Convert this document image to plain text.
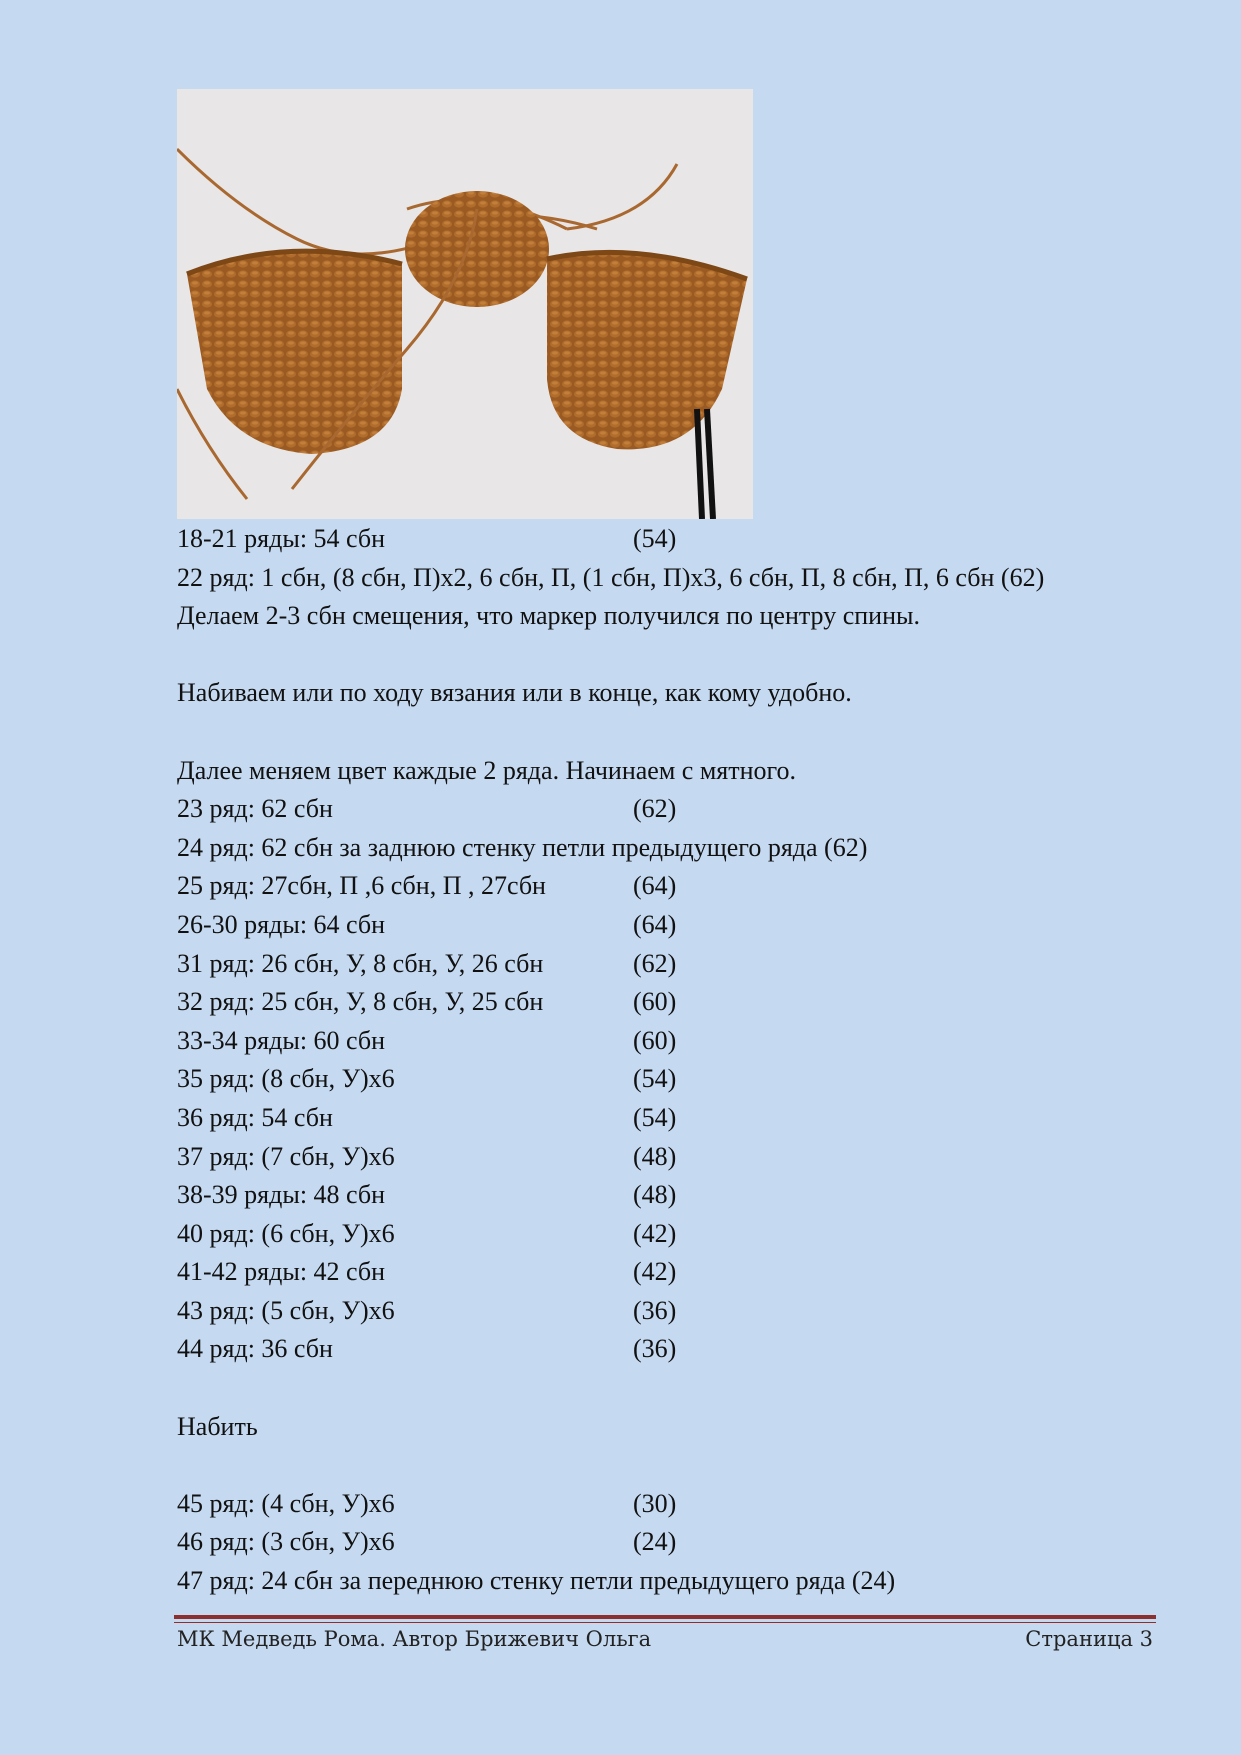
18-21 ряды: 54 сбн	(54)
22 ряд: 1 сбн, (8 сбн, П)х2, 6 сбн, П, (1 сбн, П)х3, 6 сбн, П, 8 сбн, П, 6 сбн (62)
Делаем 2-3 сбн смещения, что маркер получился по центру спины.
Набиваем или по ходу вязания или в конце, как кому удобно.
Далее меняем цвет каждые 2 ряда. Начинаем с мятного.
23 ряд: 62 сбн	(62)
24 ряд: 62 сбн за заднюю стенку петли предыдущего ряда (62)
25 ряд: 27сбн, П ,6 сбн, П , 27сбн	(64)
26-30 ряды: 64 сбн	(64)
31 ряд: 26 сбн, У, 8 сбн, У, 26 сбн	(62)
32 ряд: 25 сбн, У, 8 сбн, У, 25 сбн	(60)
33-34 ряды: 60 сбн	(60)
35 ряд: (8 сбн, У)х6	(54)
36 ряд: 54 сбн	(54)
37 ряд: (7 сбн, У)х6	(48)
38-39 ряды: 48 сбн	(48)
40 ряд: (6 сбн, У)х6	(42)
41-42 ряды: 42 сбн	(42)
43 ряд: (5 сбн, У)х6	(36)
44 ряд: 36 сбн	(36)
Набить
45 ряд: (4 сбн, У)х6	(30)
46 ряд: (3 сбн, У)х6	(24)
47 ряд: 24 сбн за переднюю стенку петли предыдущего ряда (24)
МК Медведь Рома. Автор Брижевич Ольга	Страница 3
